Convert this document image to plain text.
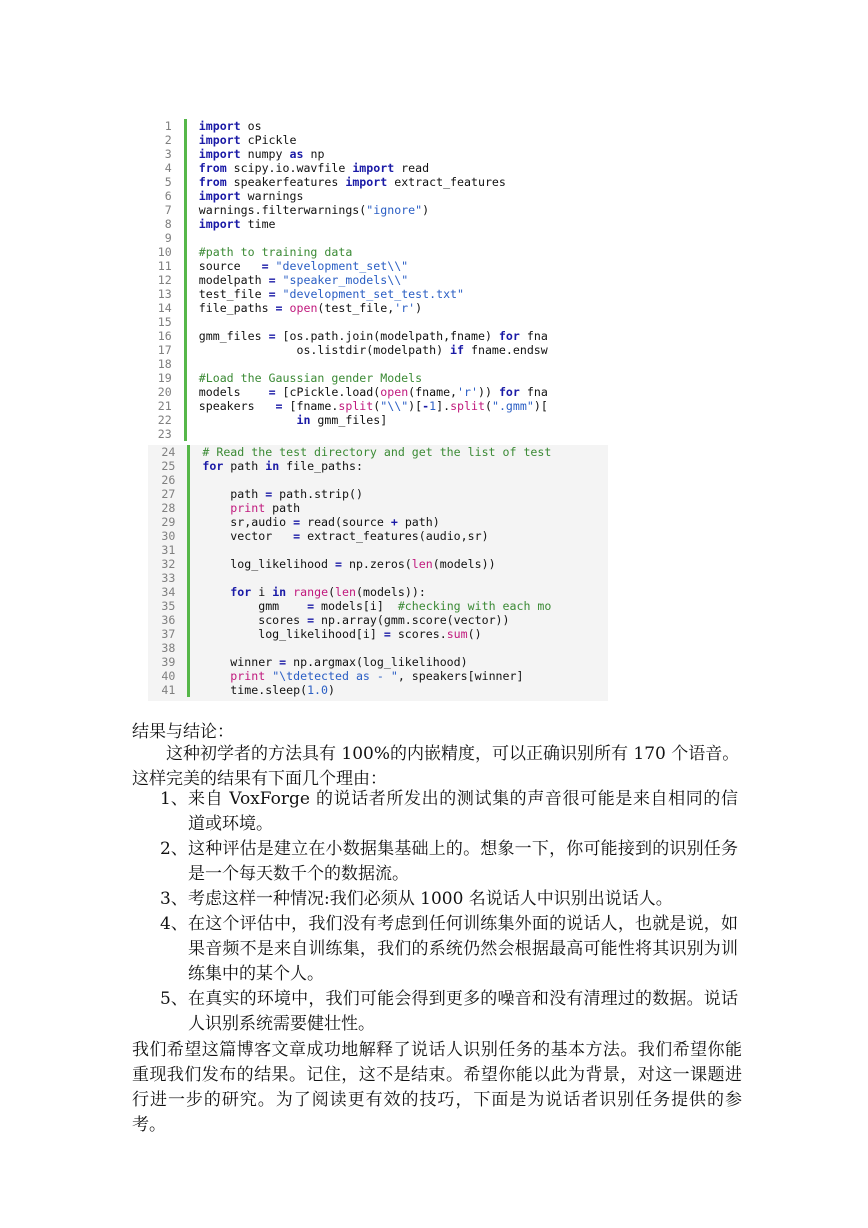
1	import os
2	import cPickle
3	import numpy as np
4	from scipy.io.wavfile import read
5	from speakerfeatures import extract_features
6	import warnings
7	warnings.filterwarnings("ignore")
8	import time
9

10	#path to training data
11	source   = "development_set\\"
12	modelpath = "speaker_models\\"
13	test_file = "development_set_test.txt"
14	file_paths = open(test_file,'r')
15

16	gmm_files = [os.path.join(modelpath,fname) for fna
17	os.listdir(modelpath) if fname.endsw
18

19	#Load the Gaussian gender Models
20	models    = [cPickle.load(open(fname,'r')) for fna
21	speakers   = [fname.split("\\")[-1].split(".gmm")[
22	in gmm_files]
23

24	# Read the test directory and get the list of test
25	for path in file_paths:
26

27	path = path.strip()
28	print path
29	sr,audio = read(source + path)
30	vector   = extract_features(audio,sr)
31

32	log_likelihood = np.zeros(len(models))
33

34	for i in range(len(models)):
35	gmm    = models[i]  #checking with each mo
36	scores = np.array(gmm.score(vector))
37	log_likelihood[i] = scores.sum()
38

39	winner = np.argmax(log_likelihood)
40	print "\tdetected as - ", speakers[winner]
41	time.sleep(1.0)
结果与结论：
这种初学者的方法具有 100%的内嵌精度，可以正确识别所有 170 个语音。这样完美的结果有下面几个理由：
1、 来自 VoxForge 的说话者所发出的测试集的声音很可能是来自相同的信道或环境。
2、 这种评估是建立在小数据集基础上的。想象一下，你可能接到的识别任务是一个每天数千个的数据流。
3、 考虑这样一种情况:我们必须从 1000 名说话人中识别出说话人。
4、 在这个评估中，我们没有考虑到任何训练集外面的说话人，也就是说，如果音频不是来自训练集，我们的系统仍然会根据最高可能性将其识别为训练集中的某个人。
5、 在真实的环境中，我们可能会得到更多的噪音和没有清理过的数据。说话人识别系统需要健壮性。
我们希望这篇博客文章成功地解释了说话人识别任务的基本方法。我们希望你能重现我们发布的结果。记住，这不是结束。希望你能以此为背景，对这一课题进行进一步的研究。为了阅读更有效的技巧，下面是为说话者识别任务提供的参考。
